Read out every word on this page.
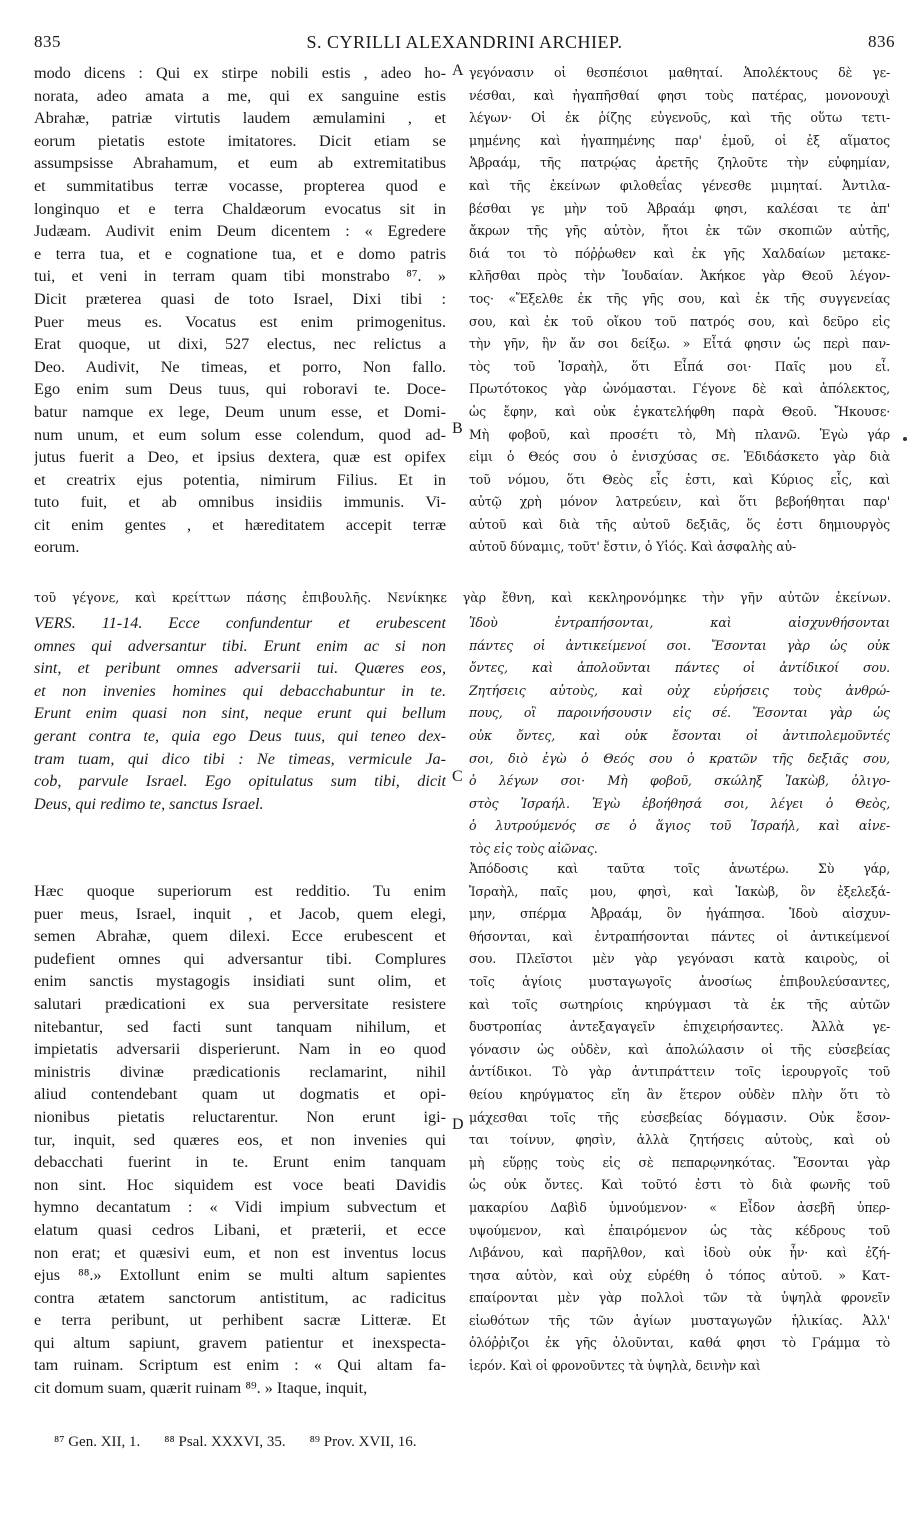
835	S. CYRILLI ALEXANDRINI ARCHIEP.	836
modo dicens : Qui ex stirpe nobili estis , adeo ho-
norata, adeo amata a me, qui ex sanguine estis
Abrahæ, patriæ virtutis laudem æmulamini , et
eorum pietatis estote imitatores. Dicit etiam se
assumpsisse Abrahamum, et eum ab extremitatibus
et summitatibus terræ vocasse, propterea quod e
longinquo et e terra Chaldæorum evocatus sit in
Judæam. Audivit enim Deum dicentem : « Egredere
e terra tua, et e cognatione tua, et e domo patris
tui, et veni in terram quam tibi monstrabo ⁸⁷. »
Dicit præterea quasi de toto Israel, Dixi tibi :
Puer meus es. Vocatus est enim primogenitus.
Erat quoque, ut dixi, 527 electus, nec relictus a
Deo. Audivit, Ne timeas, et porro, Non fallo.
Ego enim sum Deus tuus, qui roboravi te. Doce-
batur namque ex lege, Deum unum esse, et Domi-
num unum, et eum solum esse colendum, quod ad-
jutus fuerit a Deo, et ipsius dextera, quæ est opifex
et creatrix ejus potentia, nimirum Filius. Et in
tuto fuit, et ab omnibus insidiis immunis. Vi-
cit enim gentes , et hæreditatem accepit terræ
eorum.
γεγόνασιν οἱ θεσπέσιοι μαθηταί. Ἀπολέκτους δὲ γε-
νέσθαι, καὶ ἠγαπῆσθαί φησι τοὺς πατέρας, μονονουχὶ
λέγων· Οἱ ἐκ ῥίζης εὐγενοῦς, καὶ τῆς οὕτω τετι-
μημένης καὶ ἠγαπημένης παρ' ἐμοῦ, οἱ ἐξ αἵματος
Ἀβραάμ, τῆς πατρῴας ἀρετῆς ζηλοῦτε τὴν εὐφημίαν,
καὶ τῆς ἐκείνων φιλοθεΐας γένεσθε μιμηταί. Ἀντιλα-
βέσθαι γε μὴν τοῦ Ἀβραάμ φησι, καλέσαι τε ἀπ'
ἄκρων τῆς γῆς αὐτὸν, ἤτοι ἐκ τῶν σκοπιῶν αὐτῆς,
διά τοι τὸ πόῤῥωθεν καὶ ἐκ γῆς Χαλδαίων μετακε-
κλῆσθαι πρὸς τὴν Ἰουδαίαν. Ἀκήκοε γὰρ Θεοῦ λέγον-
τος· «Ἔξελθε ἐκ τῆς γῆς σου, καὶ ἐκ τῆς συγγενείας
σου, καὶ ἐκ τοῦ οἴκου τοῦ πατρός σου, καὶ δεῦρο εἰς
τὴν γῆν, ἣν ἄν σοι δείξω. » Εἶτά φησιν ὡς περὶ παν-
τὸς τοῦ Ἰσραὴλ, ὅτι Εἶπά σοι· Παῖς μου εἶ.
Πρωτότοκος γὰρ ὠνόμασται. Γέγονε δὲ καὶ ἀπόλεκτος,
ὡς ἔφην, καὶ οὐκ ἐγκατελήφθη παρὰ Θεοῦ. Ἤκουσε·
Μὴ φοβοῦ, καὶ προσέτι τὸ, Μὴ πλανῶ. Ἐγὼ γάρ
εἰμι ὁ Θεός σου ὁ ἐνισχύσας σε. Ἐδιδάσκετο γὰρ διὰ
τοῦ νόμου, ὅτι Θεὸς εἷς ἐστι, καὶ Κύριος εἷς, καὶ
αὐτῷ χρὴ μόνον λατρεύειν, καὶ ὅτι βεβοήθηται παρ'
αὐτοῦ καὶ διὰ τῆς αὐτοῦ δεξιᾶς, ὅς ἐστι δημιουργὸς
αὐτοῦ δύναμις, τοῦτ' ἔστιν, ὁ Υἱός. Καὶ ἀσφαλὴς αὐ-
A
B
C
D
τοῦ γέγονε, καὶ κρείττων πάσης ἐπιβουλῆς. Νενίκηκε γὰρ ἔθνη, καὶ κεκληρονόμηκε τὴν γῆν αὐτῶν ἐκείνων.
VERS. 11-14. Ecce confundentur et erubescent
omnes qui adversantur tibi. Erunt enim ac si non
sint, et peribunt omnes adversarii tui. Quæres eos,
et non invenies homines qui debacchabuntur in te.
Erunt enim quasi non sint, neque erunt qui bellum
gerant contra te, quia ego Deus tuus, qui teneo dex-
tram tuam, qui dico tibi : Ne timeas, vermicule Ja-
cob, parvule Israel. Ego opitulatus sum tibi, dicit
Deus, qui redimo te, sanctus Israel.
Ἰδοὺ ἐντραπήσονται, καὶ αἰσχυνθήσονται
πάντες οἱ ἀντικείμενοί σοι. Ἔσονται γὰρ ὡς οὐκ
ὄντες, καὶ ἀπολοῦνται πάντες οἱ ἀντίδικοί σου.
Ζητήσεις αὐτοὺς, καὶ οὐχ εὑρήσεις τοὺς ἀνθρώ-
πους, οἳ παροινήσουσιν εἰς σέ. Ἔσονται γὰρ ὡς
οὐκ ὄντες, καὶ οὐκ ἔσονται οἱ ἀντιπολεμοῦντές
σοι, διὸ ἐγὼ ὁ Θεός σου ὁ κρατῶν τῆς δεξιᾶς σου,
ὁ λέγων σοι· Μὴ φοβοῦ, σκώληξ Ἰακὼβ, ὀλιγο-
στὸς Ἰσραήλ. Ἐγὼ ἐβοήθησά σοι, λέγει ὁ Θεὸς,
ὁ λυτρούμενός σε ὁ ἅγιος τοῦ Ἰσραήλ, καὶ αἰνε-
τὸς εἰς τοὺς αἰῶνας.
Hæc quoque superiorum est redditio. Tu enim
puer meus, Israel, inquit , et Jacob, quem elegi,
semen Abrahæ, quem dilexi. Ecce erubescent et
pudefient omnes qui adversantur tibi. Complures
enim sanctis mystagogis insidiati sunt olim, et
salutari prædicationi ex sua perversitate resistere
nitebantur, sed facti sunt tanquam nihilum, et
impietatis adversarii disperierunt. Nam in eo quod
ministris divinæ prædicationis reclamarint, nihil
aliud contendebant quam ut dogmatis et opi-
nionibus pietatis reluctarentur. Non erunt igi-
tur, inquit, sed quæres eos, et non invenies qui
debacchati fuerint in te. Erunt enim tanquam
non sint. Hoc siquidem est voce beati Davidis
hymno decantatum : « Vidi impium subvectum et
elatum quasi cedros Libani, et præterii, et ecce
non erat; et quæsivi eum, et non est inventus locus
ejus ⁸⁸.» Extollunt enim se multi altum sapientes
contra ætatem sanctorum antistitum, ac radicitus
e terra peribunt, ut perhibent sacræ Litteræ. Et
qui altum sapiunt, gravem patientur et inexspecta-
tam ruinam. Scriptum est enim : « Qui altam fa-
cit domum suam, quærit ruinam ⁸⁹. » Itaque, inquit,
Ἀπόδοσις καὶ ταῦτα τοῖς ἀνωτέρω. Σὺ γάρ,
Ἰσραὴλ, παῖς μου, φησὶ, καὶ Ἰακὼβ, ὃν ἐξελεξά-
μην, σπέρμα Ἀβραάμ, ὃν ἠγάπησα. Ἰδοὺ αἰσχυν-
θήσονται, καὶ ἐντραπήσονται πάντες οἱ ἀντικείμενοί
σου. Πλεῖστοι μὲν γὰρ γεγόνασι κατὰ καιροὺς, οἱ
τοῖς ἁγίοις μυσταγωγοῖς ἀνοσίως ἐπιβουλεύσαντες,
καὶ τοῖς σωτηρίοις κηρύγμασι τὰ ἐκ τῆς αὐτῶν
δυστροπίας ἀντεξαγαγεῖν ἐπιχειρήσαντες. Ἀλλὰ γε-
γόνασιν ὡς οὐδὲν, καὶ ἀπολώλασιν οἱ τῆς εὐσεβείας
ἀντίδικοι. Τὸ γὰρ ἀντιπράττειν τοῖς ἱερουργοῖς τοῦ
θείου κηρύγματος εἴη ἂν ἕτερον οὐδὲν πλὴν ὅτι τὸ
μάχεσθαι τοῖς τῆς εὐσεβείας δόγμασιν. Οὐκ ἔσον-
ται τοίνυν, φησὶν, ἀλλὰ ζητήσεις αὐτοὺς, καὶ οὐ
μὴ εὕρῃς τοὺς εἰς σὲ πεπαρῳνηκότας. Ἔσονται γὰρ
ὡς οὐκ ὄντες. Καὶ τοῦτό ἐστι τὸ διὰ φωνῆς τοῦ
μακαρίου Δαβὶδ ὑμνούμενον· « Εἶδον ἀσεβῆ ὑπερ-
υψούμενον, καὶ ἐπαιρόμενον ὡς τὰς κέδρους τοῦ
Λιβάνου, καὶ παρῆλθον, καὶ ἰδοὺ οὐκ ἦν· καὶ ἐζή-
τησα αὐτὸν, καὶ οὐχ εὑρέθη ὁ τόπος αὐτοῦ. » Κατ-
επαίρονται μὲν γὰρ πολλοὶ τῶν τὰ ὑψηλὰ φρονεῖν
εἰωθότων τῆς τῶν ἁγίων μυσταγωγῶν ἡλικίας. Ἀλλ'
ὀλόῤῥιζοι ἐκ γῆς ὀλοῦνται, καθά φησι τὸ Γράμμα τὸ
ἱερόν. Καὶ οἱ φρονοῦντες τὰ ὑψηλὰ, δεινὴν καὶ
⁸⁷ Gen. XII, 1. ⁸⁸ Psal. XXXVI, 35. ⁸⁹ Prov. XVII, 16.
